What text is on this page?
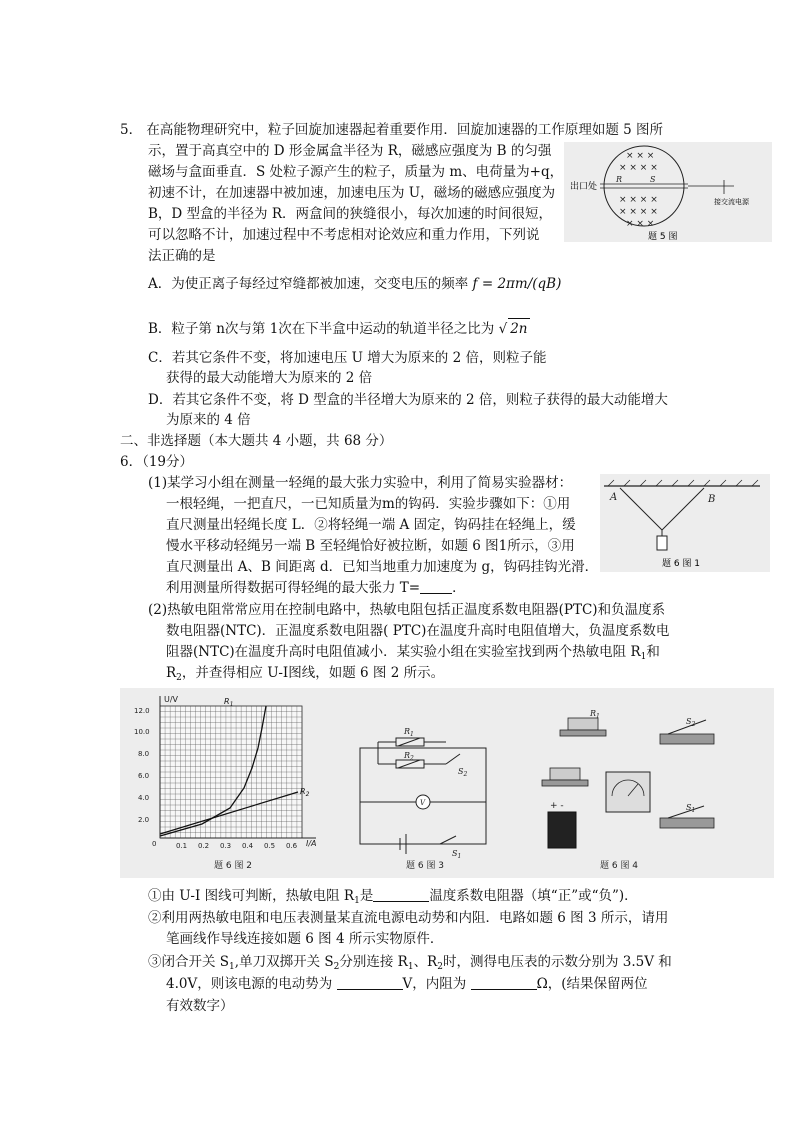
5． 在高能物理研究中，粒子回旋加速器起着重要作用．回旋加速器的工作原理如题 5 图所
示，置于高真空中的 D 形金属盒半径为 R，磁感应强度为 B 的匀强
磁场与盒面垂直．S 处粒子源产生的粒子，质量为 m、电荷量为+q，
初速不计，在加速器中被加速，加速电压为 U，磁场的磁感应强度为
B，D 型盒的半径为 R．两盒间的狭缝很小，每次加速的时间很短，
可以忽略不计，加速过程中不考虑相对论效应和重力作用，下列说
法正确的是
× × ×
× × × ×
× × × ×
× × × ×
× × ×
R	S
出口处
接交流电源
题 5 图
A．为使正离子每经过窄缝都被加速，交变电压的频率 f = 2πm/(qB)
B．粒子第 n次与第 1次在下半盒中运动的轨道半径之比为 √ 2n
C．若其它条件不变，将加速电压 U 增大为原来的 2 倍，则粒子能
获得的最大动能增大为原来的 2 倍
D．若其它条件不变，将 D 型盒的半径增大为原来的 2 倍，则粒子获得的最大动能增大
为原来的 4 倍
二、非选择题（本大题共 4 小题，共 68 分）
6．（19分）
(1)某学习小组在测量一轻绳的最大张力实验中，利用了简易实验器材：
一根轻绳，一把直尺，一已知质量为m的钩码．实验步骤如下：①用
直尺测量出轻绳长度 L．②将轻绳一端 A 固定，钩码挂在轻绳上，缓
慢水平移动轻绳另一端 B 至轻绳恰好被拉断，如题 6 图1所示，③用
直尺测量出 A、B 间距离 d．已知当地重力加速度为 g，钩码挂钩光滑．
利用测量所得数据可得轻绳的最大张力 T= ．
A	B
题 6 图 1
(2)热敏电阻常常应用在控制电路中，热敏电阻包括正温度系数电阻器(PTC)和负温度系
数电阻器(NTC)．正温度系数电阻器( PTC)在温度升高时电阻值增大，负温度系数电
阻器(NTC)在温度升高时电阻值减小．某实验小组在实验室找到两个热敏电阻 $R_1$和
$R_2$，并查得相应 U-I图线，如题 6 图 2 所示。
U/V
I/A
0
12.0
10.0
8.0
6.0
4.0
2.0
0.1 0.2 0.3 0.4 0.5 0.6
$R_1$
$R_2$
题 6 图 2
$R_1$
$R_2$
$S_2$
$S_1$
V
题 6 图 3
+ -
$R_1$
$S_2$
$S_1$
题 6 图 4
①由 U-I 图线可判断，热敏电阻 $R_1$是	温度系数电阻器（填“正”或“负”)．
②利用两热敏电阻和电压表测量某直流电源电动势和内阻．电路如题 6 图 3 所示，请用
笔画线作导线连接如题 6 图 4 所示实物原件．
③闭合开关 $S_1$,单刀双掷开关 $S_2$分别连接 $R_1$、$R_2$时，测得电压表的示数分别为 3.5V 和
4.0V，则该电源的电动势为	V，内阻为	Ω，(结果保留两位
有效数字）
